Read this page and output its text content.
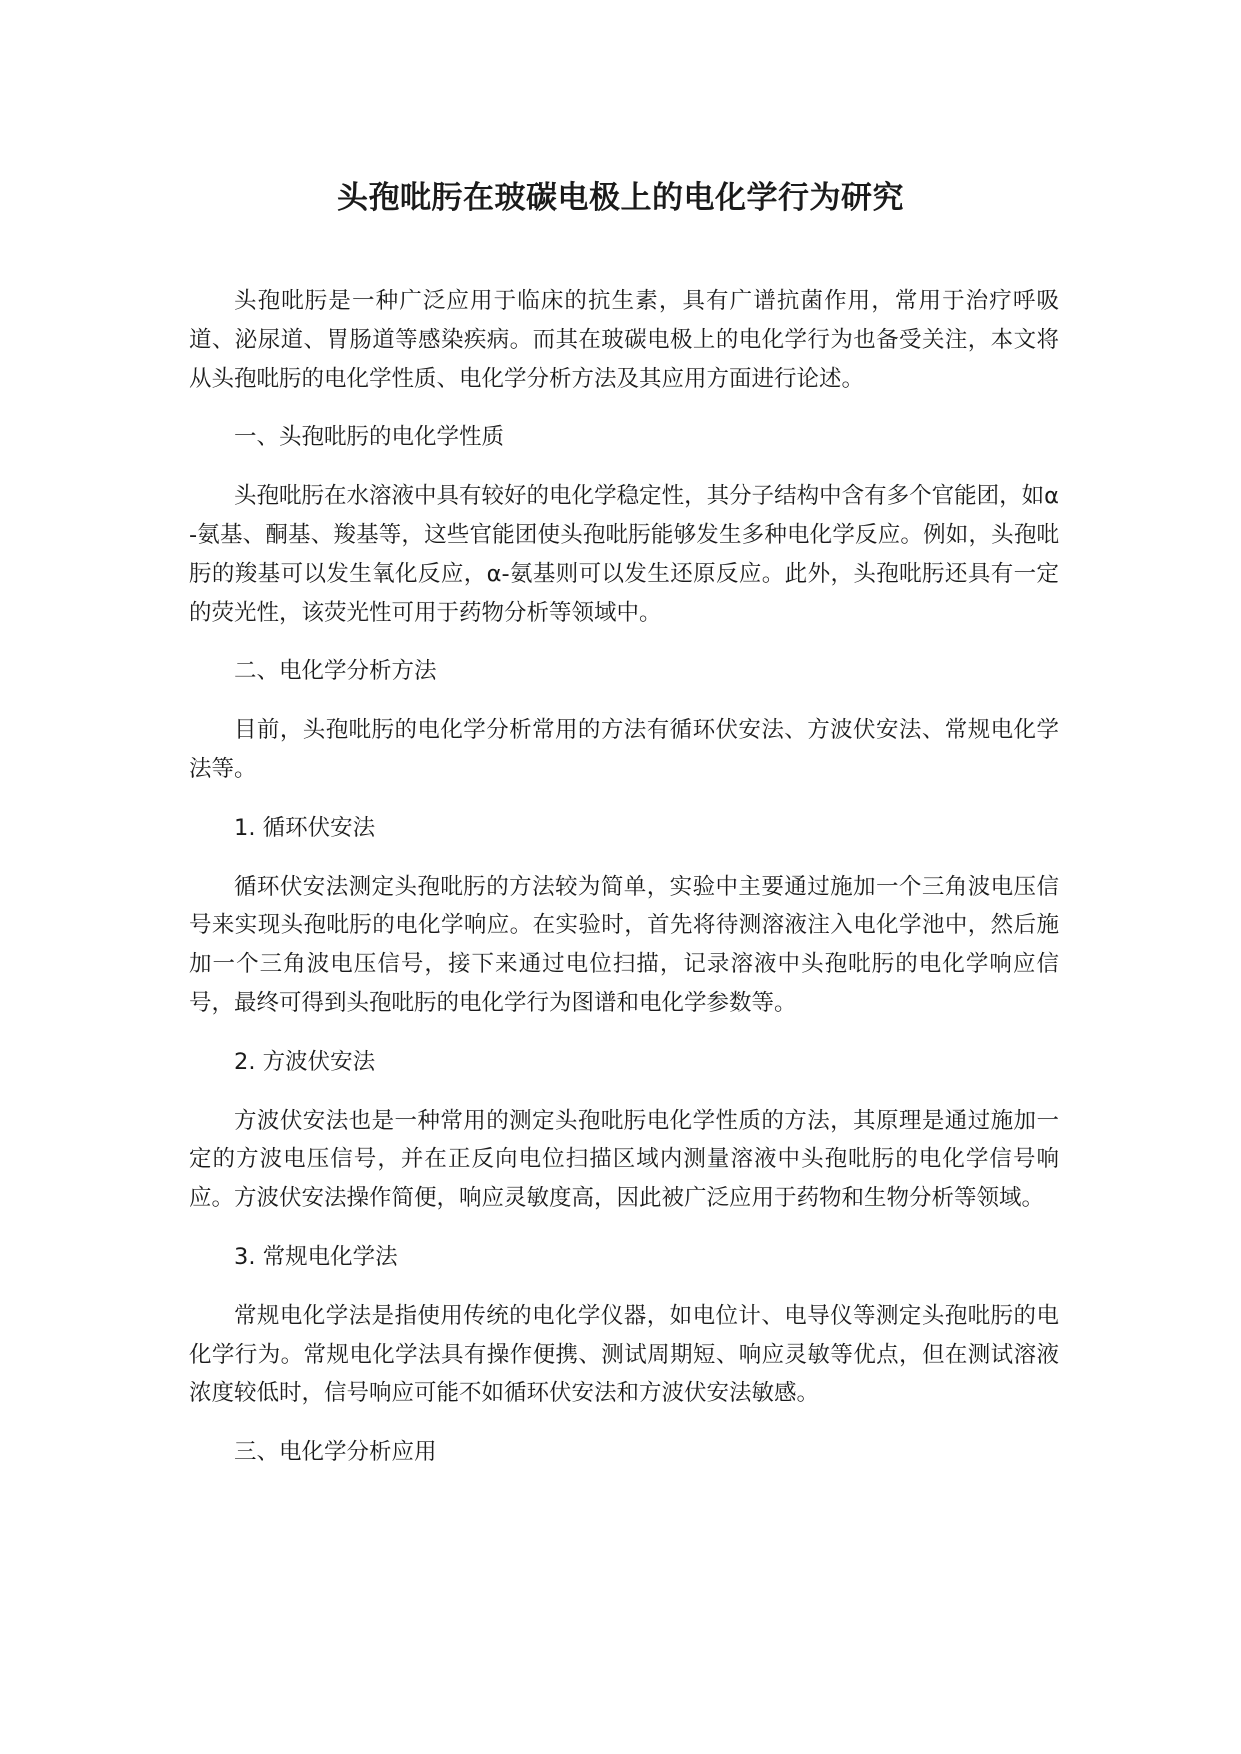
头孢吡肟在玻碳电极上的电化学行为研究

头孢吡肟是一种广泛应用于临床的抗生素，具有广谱抗菌作用，常用于治疗呼吸道、泌尿道、胃肠道等感染疾病。而其在玻碳电极上的电化学行为也备受关注，本文将从头孢吡肟的电化学性质、电化学分析方法及其应用方面进行论述。

一、头孢吡肟的电化学性质

头孢吡肟在水溶液中具有较好的电化学稳定性，其分子结构中含有多个官能团，如α-氨基、酮基、羧基等，这些官能团使头孢吡肟能够发生多种电化学反应。例如，头孢吡肟的羧基可以发生氧化反应，α-氨基则可以发生还原反应。此外，头孢吡肟还具有一定的荧光性，该荧光性可用于药物分析等领域中。

二、电化学分析方法

目前，头孢吡肟的电化学分析常用的方法有循环伏安法、方波伏安法、常规电化学法等。

1. 循环伏安法

循环伏安法测定头孢吡肟的方法较为简单，实验中主要通过施加一个三角波电压信号来实现头孢吡肟的电化学响应。在实验时，首先将待测溶液注入电化学池中，然后施加一个三角波电压信号，接下来通过电位扫描，记录溶液中头孢吡肟的电化学响应信号，最终可得到头孢吡肟的电化学行为图谱和电化学参数等。

2. 方波伏安法

方波伏安法也是一种常用的测定头孢吡肟电化学性质的方法，其原理是通过施加一定的方波电压信号，并在正反向电位扫描区域内测量溶液中头孢吡肟的电化学信号响应。方波伏安法操作简便，响应灵敏度高，因此被广泛应用于药物和生物分析等领域。

3. 常规电化学法

常规电化学法是指使用传统的电化学仪器，如电位计、电导仪等测定头孢吡肟的电化学行为。常规电化学法具有操作便携、测试周期短、响应灵敏等优点，但在测试溶液浓度较低时，信号响应可能不如循环伏安法和方波伏安法敏感。

三、电化学分析应用
